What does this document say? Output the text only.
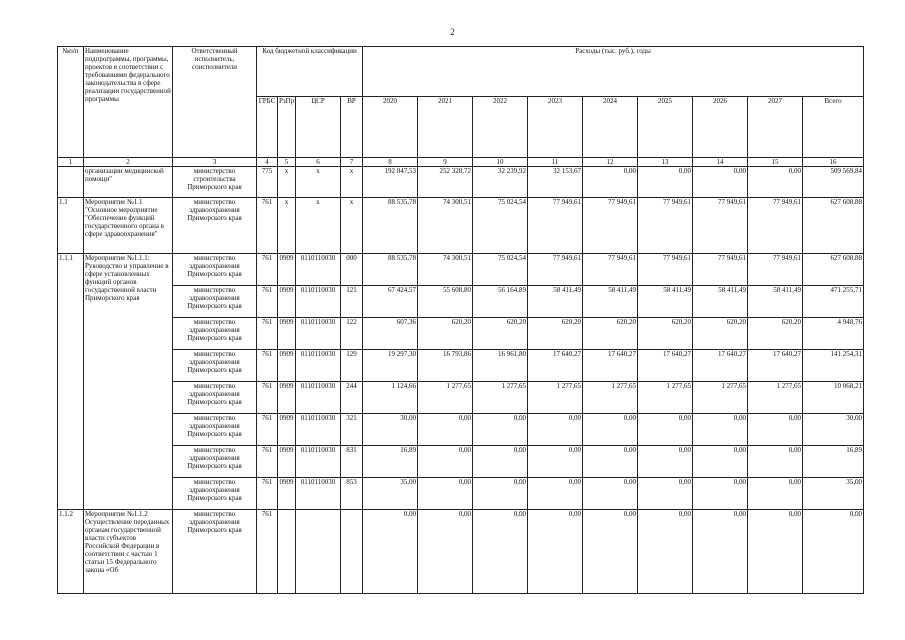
2
№п/п	Наименование подпрограммы, программы, проектов в соответствии с требованиями федерального законодательства в сфере реализации государственной программы	Ответственный исполнитель, соисполнители	Код бюджетной классификации				Расходы (тыс. руб.), годы								
			ГРБС	РзПр	ЦСР	ВР	2020	2021	2022	2023	2024	2025	2026	2027	Всего
1	2	3	4	5	6	7	8	9	10	11	12	13	14	15	16
	организации медицинской помощи"	министерство строительства Приморского края	775	x	x	x	192 847,53	252 328,72	32 239,92	32 153,67	0,00	0,00	0,00	0,00	509 569,84
1.1	Мероприятие №1.1 "Основное мероприятие "Обеспечение функций государственного органа в сфере здравоохранения"	министерство здравоохранения Приморского края	761	x	x	x	88 535,78	74 300,51	75 024,54	77 949,61	77 949,61	77 949,61	77 949,61	77 949,61	627 608,88
1.1.1	Мероприятие №1.1.1: Руководство и управление в сфере установленных функций органов государственной власти Приморского края	министерство здравоохранения Приморского края	761	0909	0110110030	000	88 535,78	74 300,51	75 024,54	77 949,61	77 949,61	77 949,61	77 949,61	77 949,61	627 608,88
		министерство здравоохранения Приморского края	761	0909	0110110030	121	67 424,57	55 608,80	56 164,89	58 411,49	58 411,49	58 411,49	58 411,49	58 411,49	471 255,71
		министерство здравоохранения Приморского края	761	0909	0110110030	122	607,36	620,20	620,20	620,20	620,20	620,20	620,20	620,20	4 948,76
		министерство здравоохранения Приморского края	761	0909	0110110030	129	19 297,30	16 793,86	16 961,80	17 640,27	17 640,27	17 640,27	17 640,27	17 640,27	141 254,31
		министерство здравоохранения Приморского края	761	0909	0110110030	244	1 124,66	1 277,65	1 277,65	1 277,65	1 277,65	1 277,65	1 277,65	1 277,65	10 068,21
		министерство здравоохранения Приморского края	761	0909	0110110030	321	30,00	0,00	0,00	0,00	0,00	0,00	0,00	0,00	30,00
		министерство здравоохранения Приморского края	761	0909	0110110030	831	16,89	0,00	0,00	0,00	0,00	0,00	0,00	0,00	16,89
		министерство здравоохранения Приморского края	761	0909	0110110030	853	35,00	0,00	0,00	0,00	0,00	0,00	0,00	0,00	35,00
1.1.2	Мероприятие №1.1.2 Осуществление переданных органам государственной власти субъектов Российской Федерации в соответствии с частью 1 статьи 15 Федерального закона «Об	министерство здравоохранения Приморского края	761				0,00	0,00	0,00	0,00	0,00	0,00	0,00	0,00	0,00
